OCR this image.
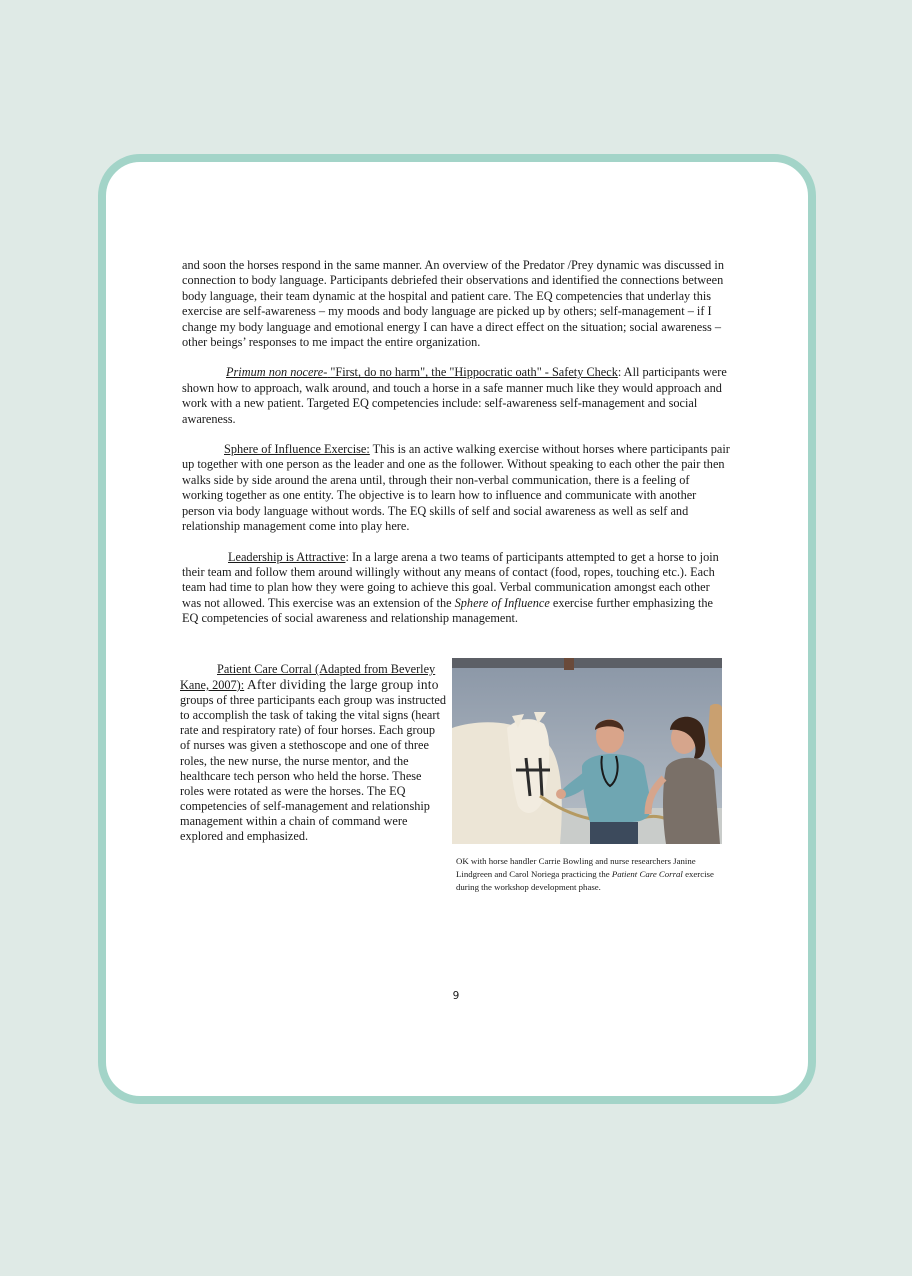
and soon the horses respond in the same manner. An overview of the Predator /Prey dynamic was discussed in connection to body language. Participants debriefed their observations and identified the connections between body language, their team dynamic at the hospital and patient care. The EQ competencies that underlay this exercise are self-awareness – my moods and body language are picked up by others; self-management – if I change my body language and emotional energy I can have a direct effect on the situation; social awareness – other beings’ responses to me impact the entire organization.

Primum non nocere- "First, do no harm", the "Hippocratic oath" - Safety Check: All participants were shown how to approach, walk around, and touch a horse in a safe manner much like they would approach and work with a new patient. Targeted EQ competencies include: self-awareness self-management and social awareness.

Sphere of Influence Exercise: This is an active walking exercise without horses where participants pair up together with one person as the leader and one as the follower. Without speaking to each other the pair then walks side by side around the arena until, through their non-verbal communication, there is a feeling of working together as one entity. The objective is to learn how to influence and communicate with another person via body language without words. The EQ skills of self and social awareness as well as self and relationship management come into play here.

Leadership is Attractive: In a large arena a two teams of participants attempted to get a horse to join their team and follow them around willingly without any means of contact (food, ropes, touching etc.). Each team had time to plan how they were going to achieve this goal. Verbal communication amongst each other was not allowed. This exercise was an extension of the Sphere of Influence exercise further emphasizing the EQ competencies of social awareness and relationship management.

Patient Care Corral (Adapted from Beverley Kane, 2007): After dividing the large group into groups of three participants each group was instructed to accomplish the task of taking the vital signs (heart rate and respiratory rate) of four horses. Each group of nurses was given a stethoscope and one of three roles, the new nurse, the nurse mentor, and the healthcare tech person who held the horse. These roles were rotated as were the horses. The EQ competencies of self-management and relationship management within a chain of command were explored and emphasized.
OK with horse handler Carrie Bowling and nurse researchers Janine Lindgreen and Carol Noriega practicing the Patient Care Corral exercise during the workshop development phase.
9
